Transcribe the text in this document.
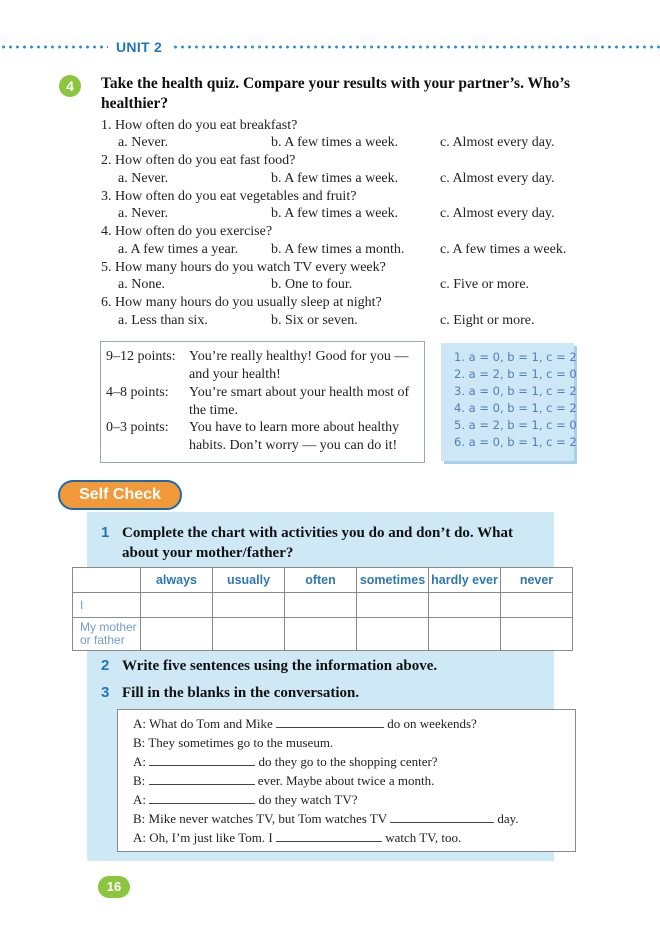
UNIT 2
4	Take the health quiz. Compare your results with your partner’s. Who’s healthier?
1. How often do you eat breakfast?
a. Never.	b. A few times a week.	c. Almost every day.
2. How often do you eat fast food?
a. Never.	b. A few times a week.	c. Almost every day.
3. How often do you eat vegetables and fruit?
a. Never.	b. A few times a week.	c. Almost every day.
4. How often do you exercise?
a. A few times a year. b. A few times a month.	c. A few times a week.
5. How many hours do you watch TV every week?
a. None.	b. One to four.	c. Five or more.
6. How many hours do you usually sleep at night?
a. Less than six.	b. Six or seven.	c. Eight or more.
9–12 points: You’re really healthy! Good for you — and your health!
4–8 points: You’re smart about your health most of the time.
0–3 points: You have to learn more about healthy habits. Don’t worry — you can do it!
1. a = 0, b = 1, c = 2
2. a = 2, b = 1, c = 0
3. a = 0, b = 1, c = 2
4. a = 0, b = 1, c = 2
5. a = 2, b = 1, c = 0
6. a = 0, b = 1, c = 2
Self Check
1 Complete the chart with activities you do and don’t do. What about your mother/father?
	always	usually	often	sometimes	hardly ever	never
I						
My mother or father						
2 Write five sentences using the information above.
3 Fill in the blanks in the conversation.
A: What do Tom and Mike	do on weekends?
B: They sometimes go to the museum.
A:	do they go to the shopping center?
B:	ever. Maybe about twice a month.
A:	do they watch TV?
B: Mike never watches TV, but Tom watches TV	day.
A: Oh, I’m just like Tom. I	watch TV, too.
16
